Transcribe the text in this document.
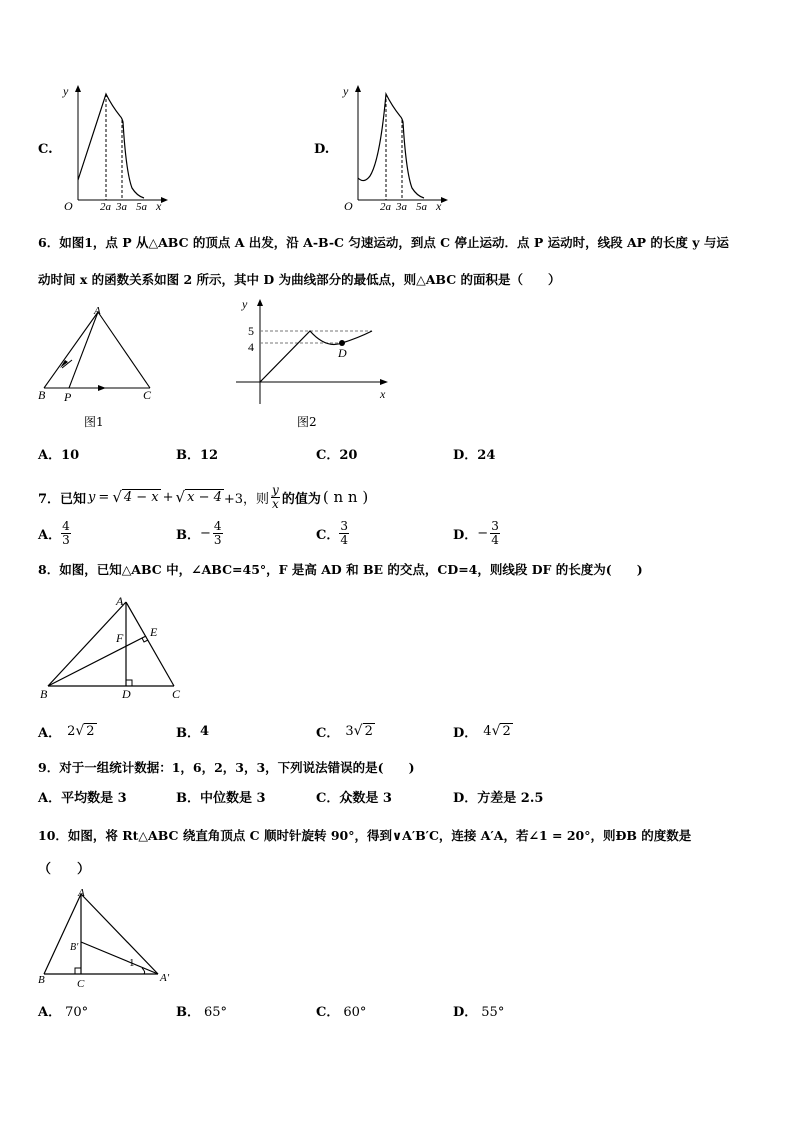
C.
y
O 2a 3a 5a x
D.
y
O 2a 3a 5a x
6．如图1，点 P 从△ABC 的顶点 A 出发，沿 A-B-C 匀速运动，到点 C 停止运动．点 P 运动时，线段 AP 的长度 y 与运
动时间 x 的函数关系如图 2 所示，其中 D 为曲线部分的最低点，则△ABC 的面积是（　　）
A
B P	C
图1
y
x
5
4	D
图2
A．10	B．12	C．20	D．24
7．已知 y = √ 4 − x + √ x − 4 +3，则 $\frac{y}{x}$ 的值为 ( n n )
A． $\frac{4}{3}$	B． − $\frac{4}{3}$	C． $\frac{3}{4}$	D． − $\frac{3}{4}$
8．如图，已知△ABC 中，∠ABC=45°，F 是高 AD 和 BE 的交点，CD=4，则线段 DF 的长度为(　　)
A
F E
B	D	C
A． 2 √ 2	B． 4	C． 3 √ 2	D． 4 √ 2
9．对于一组统计数据：1，6，2，3，3，下列说法错误的是(　　)
A．平均数是 3	B．中位数是 3	C．众数是 3	D．方差是 2.5
10．如图，将 Rt△ABC 绕直角顶点 C 顺时针旋转 90°，得到∨A′B′C，连接 A′A，若∠1 = 20°，则ÐB 的度数是
（　　）
A
B′
B	C	A′
1
A． 70°	B． 65°	C． 60°	D． 55°
